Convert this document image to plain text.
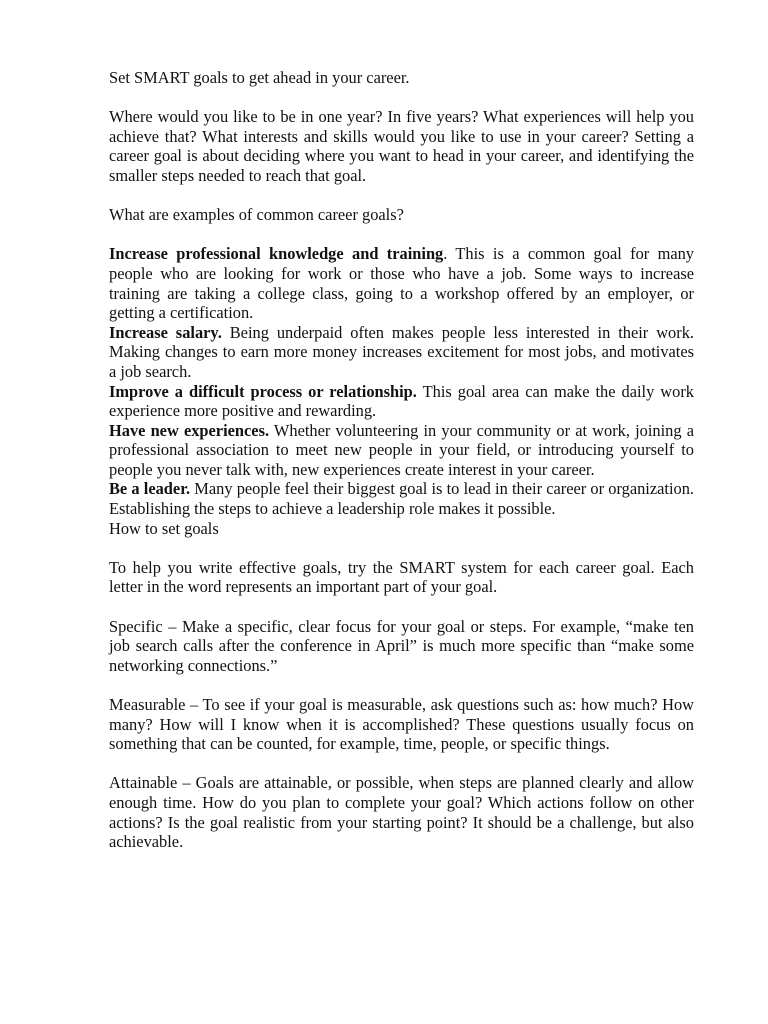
Set SMART goals to get ahead in your career.

Where would you like to be in one year? In five years? What experiences will help you achieve that? What interests and skills would you like to use in your career? Setting a career goal is about deciding where you want to head in your career, and identifying the smaller steps needed to reach that goal.

What are examples of common career goals?

Increase professional knowledge and training. This is a common goal for many people who are looking for work or those who have a job. Some ways to increase training are taking a college class, going to a workshop offered by an employer, or getting a certification.

Increase salary. Being underpaid often makes people less interested in their work. Making changes to earn more money increases excitement for most jobs, and motivates a job search.

Improve a difficult process or relationship. This goal area can make the daily work experience more positive and rewarding.

Have new experiences. Whether volunteering in your community or at work, joining a professional association to meet new people in your field, or introducing yourself to people you never talk with, new experiences create interest in your career.

Be a leader. Many people feel their biggest goal is to lead in their career or organization. Establishing the steps to achieve a leadership role makes it possible.

How to set goals

To help you write effective goals, try the SMART system for each career goal. Each letter in the word represents an important part of your goal.

Specific – Make a specific, clear focus for your goal or steps. For example, “make ten job search calls after the conference in April” is much more specific than “make some networking connections.”

Measurable – To see if your goal is measurable, ask questions such as: how much? How many? How will I know when it is accomplished? These questions usually focus on something that can be counted, for example, time, people, or specific things.

Attainable – Goals are attainable, or possible, when steps are planned clearly and allow enough time. How do you plan to complete your goal? Which actions follow on other actions? Is the goal realistic from your starting point? It should be a challenge, but also achievable.
